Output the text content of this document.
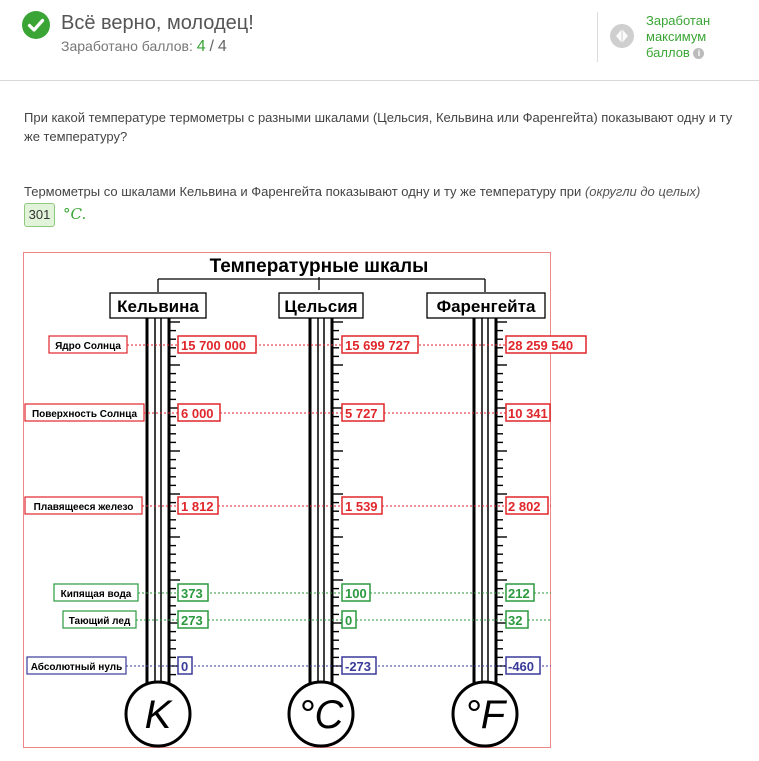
Всё верно, молодец!
Заработано баллов: 4 / 4
Заработан максимум баллов i
При какой температуре термометры с разными шкалами (Цельсия, Кельвина или Фаренгейта) показывают одну и ту же температуру?
Термометры со шкалами Кельвина и Фаренгейта показывают одну и ту же температуру при (округли до целых)
301 °C.
Температурные шкалы
Кельвина	Цельсия	Фаренгейта
K	°C	°F
Ядро Солнца	15 700 000	15 699 727	28 259 540
Поверхность Солнца	6 000	5 727	10 341
Плавящееся железо	1 812	1 539	2 802
Кипящая вода	373	100	212
Тающий лед	273	0	32
Абсолютный нуль	0	-273	-460
